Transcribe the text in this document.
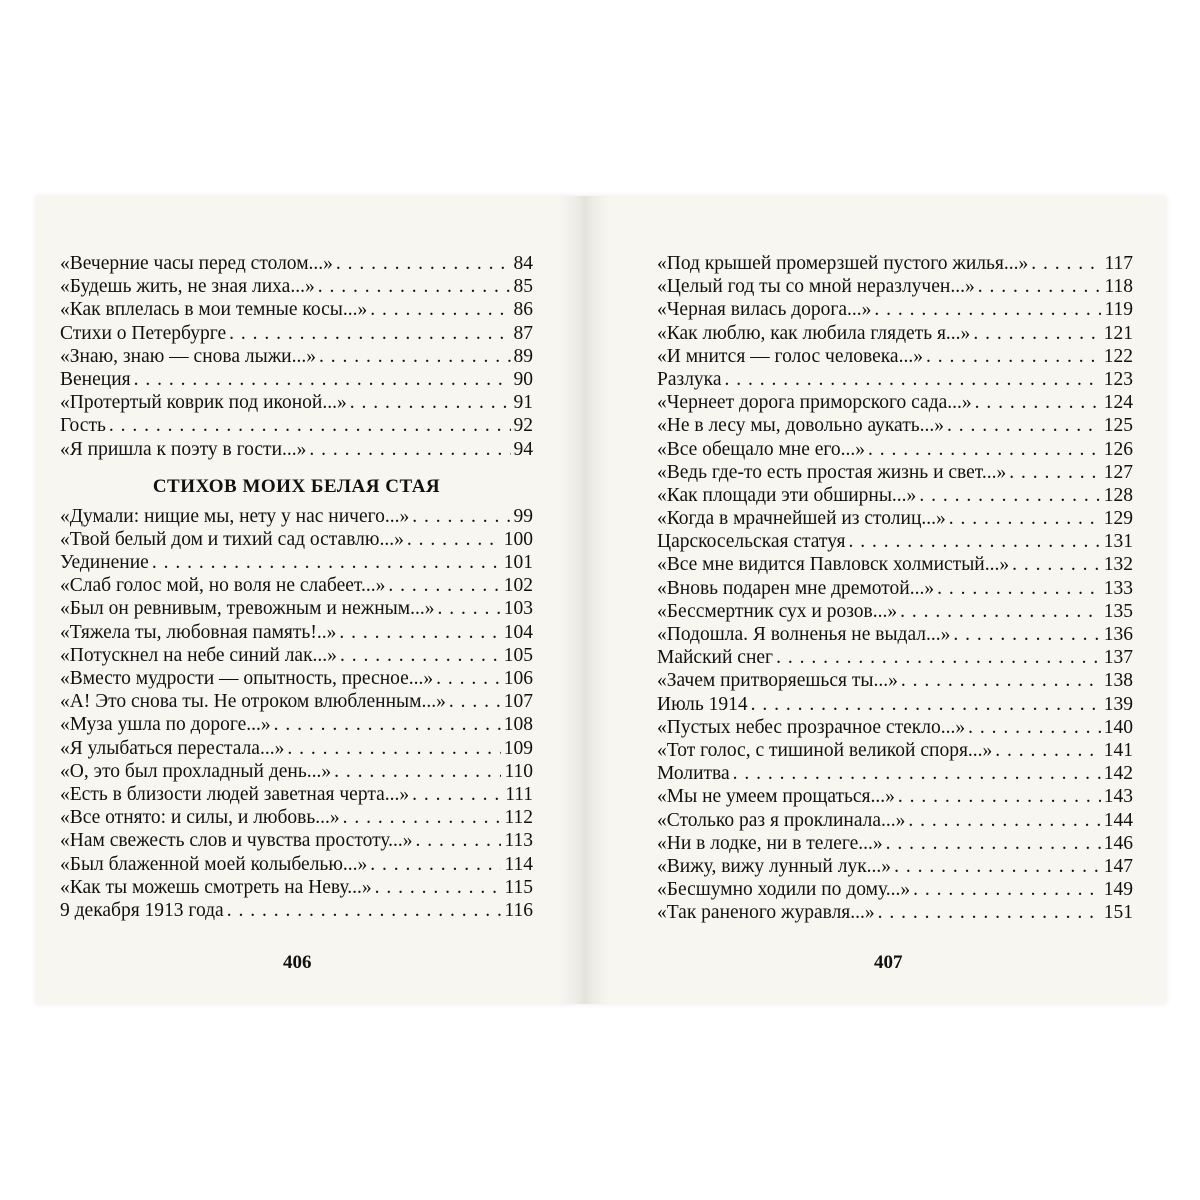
«Вечерние часы перед столом...» . . .	84
«Будешь жить, не зная лиха...» . . .	85
«Как вплелась в мои темные косы...» . . .	86
Стихи о Петербурге . . .	87
«Знаю, знаю — снова лыжи...» . . .	89
Венеция . . .	90
«Протертый коврик под иконой...» . . .	91
Гость . . .	92
«Я пришла к поэту в гости...» . . .	94
СТИХОВ МОИХ БЕЛАЯ СТАЯ
«Думали: нищие мы, нету у нас ничего...» . . .	99
«Твой белый дом и тихий сад оставлю...» . . .	100
Уединение . . .	101
«Слаб голос мой, но воля не слабеет...» . . .	102
«Был он ревнивым, тревожным и нежным...» . . .	103
«Тяжела ты, любовная память!..» . . .	104
«Потускнел на небе синий лак...» . . .	105
«Вместо мудрости — опытность, пресное...» . . .	106
«А! Это снова ты. Не отроком влюбленным...» . . .	107
«Муза ушла по дороге...» . . .	108
«Я улыбаться перестала...» . . .	109
«О, это был прохладный день...» . . .	110
«Есть в близости людей заветная черта...» . . .	111
«Все отнято: и силы, и любовь...» . . .	112
«Нам свежесть слов и чувства простоту...» . . .	113
«Был блаженной моей колыбелью...» . . .	114
«Как ты можешь смотреть на Неву...» . . .	115
9 декабря 1913 года . . .	116
«Под крышей промерзшей пустого жилья...» . . .	117
«Целый год ты со мной неразлучен...» . . .	118
«Черная вилась дорога...» . . .	119
«Как люблю, как любила глядеть я...» . . .	121
«И мнится — голос человека...» . . .	122
Разлука . . .	123
«Чернеет дорога приморского сада...» . . .	124
«Не в лесу мы, довольно аукать...» . . .	125
«Все обещало мне его...» . . .	126
«Ведь где-то есть простая жизнь и свет...» . . .	127
«Как площади эти обширны...» . . .	128
«Когда в мрачнейшей из столиц...» . . .	129
Царскосельская статуя . . .	131
«Все мне видится Павловск холмистый...» . . .	132
«Вновь подарен мне дремотой...» . . .	133
«Бессмертник сух и розов...» . . .	135
«Подошла. Я волненья не выдал...» . . .	136
Майский снег . . .	137
«Зачем притворяешься ты...» . . .	138
Июль 1914 . . .	139
«Пустых небес прозрачное стекло...» . . .	140
«Тот голос, с тишиной великой споря...» . . .	141
Молитва . . .	142
«Мы не умеем прощаться...» . . .	143
«Столько раз я проклинала...» . . .	144
«Ни в лодке, ни в телеге...» . . .	146
«Вижу, вижу лунный лук...» . . .	147
«Бесшумно ходили по дому...» . . .	149
«Так раненого журавля...» . . .	151
406	407
